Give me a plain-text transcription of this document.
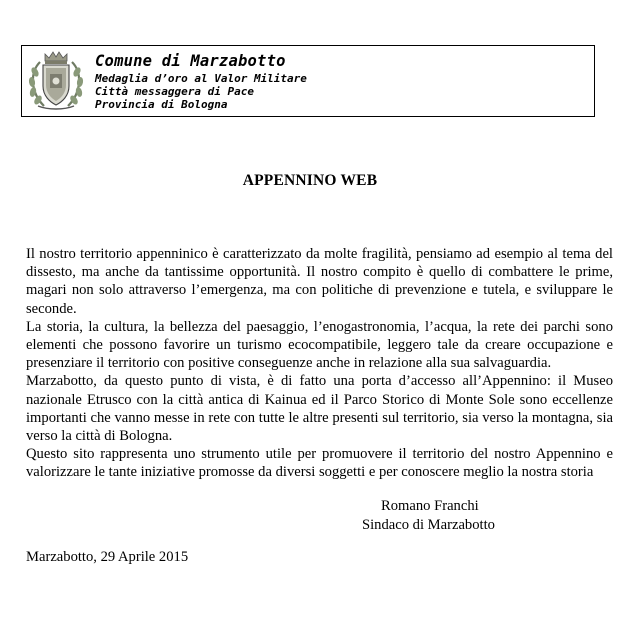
Comune di Marzabotto
Medaglia d’oro al Valor Militare
Città messaggera di Pace
Provincia di Bologna
APPENNINO WEB

Il nostro territorio appenninico è caratterizzato da molte fragilità, pensiamo ad esempio al tema del dissesto, ma anche da tantissime opportunità. Il nostro compito è quello di combattere le prime, magari non solo attraverso l’emergenza, ma con politiche di prevenzione e tutela, e sviluppare le seconde.

La storia, la cultura, la bellezza del paesaggio, l’enogastronomia, l’acqua, la rete dei parchi sono elementi che possono favorire un turismo ecocompatibile, leggero tale da creare occupazione e presenziare il territorio con positive conseguenze anche in relazione alla sua salvaguardia.

Marzabotto, da questo punto di vista, è di fatto una porta d’accesso all’Appennino: il Museo nazionale Etrusco con la città antica di Kainua ed il Parco Storico di Monte Sole sono eccellenze importanti che vanno messe in rete con tutte le altre presenti sul territorio, sia verso la montagna, sia verso la città di Bologna.

Questo sito rappresenta uno strumento utile per promuovere il territorio del nostro Appennino e valorizzare le tante iniziative promosse da diversi soggetti e per conoscere meglio la nostra storia

Romano Franchi
Sindaco di Marzabotto
Marzabotto, 29 Aprile 2015
